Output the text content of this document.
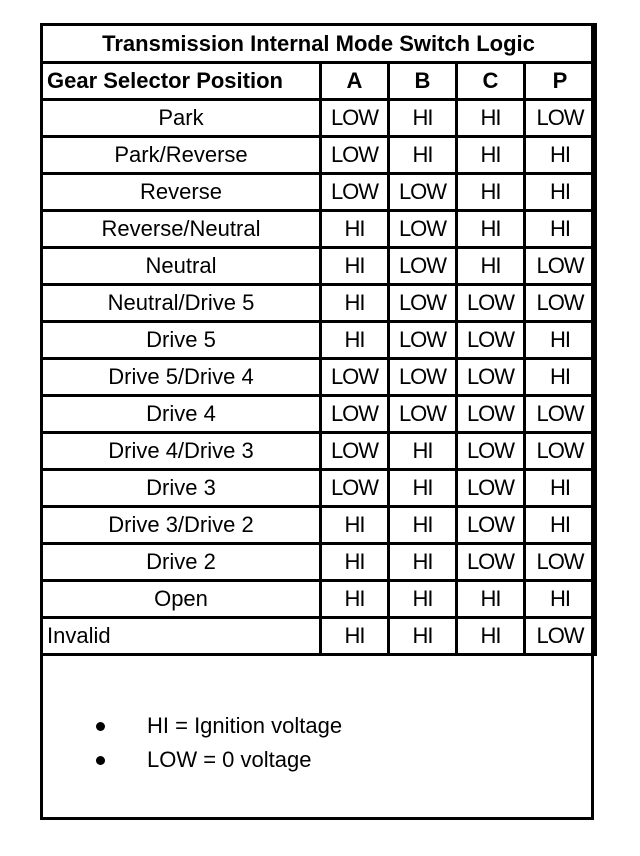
Transmission Internal Mode Switch Logic				
Gear Selector Position	A	B	C	P
Park	LOW	HI	HI	LOW
Park/Reverse	LOW	HI	HI	HI
Reverse	LOW	LOW	HI	HI
Reverse/Neutral	HI	LOW	HI	HI
Neutral	HI	LOW	HI	LOW
Neutral/Drive 5	HI	LOW	LOW	LOW
Drive 5	HI	LOW	LOW	HI
Drive 5/Drive 4	LOW	LOW	LOW	HI
Drive 4	LOW	LOW	LOW	LOW
Drive 4/Drive 3	LOW	HI	LOW	LOW
Drive 3	LOW	HI	LOW	HI
Drive 3/Drive 2	HI	HI	LOW	HI
Drive 2	HI	HI	LOW	LOW
Open	HI	HI	HI	HI
Invalid	HI	HI	HI	LOW
HI = Ignition voltage
LOW = 0 voltage
